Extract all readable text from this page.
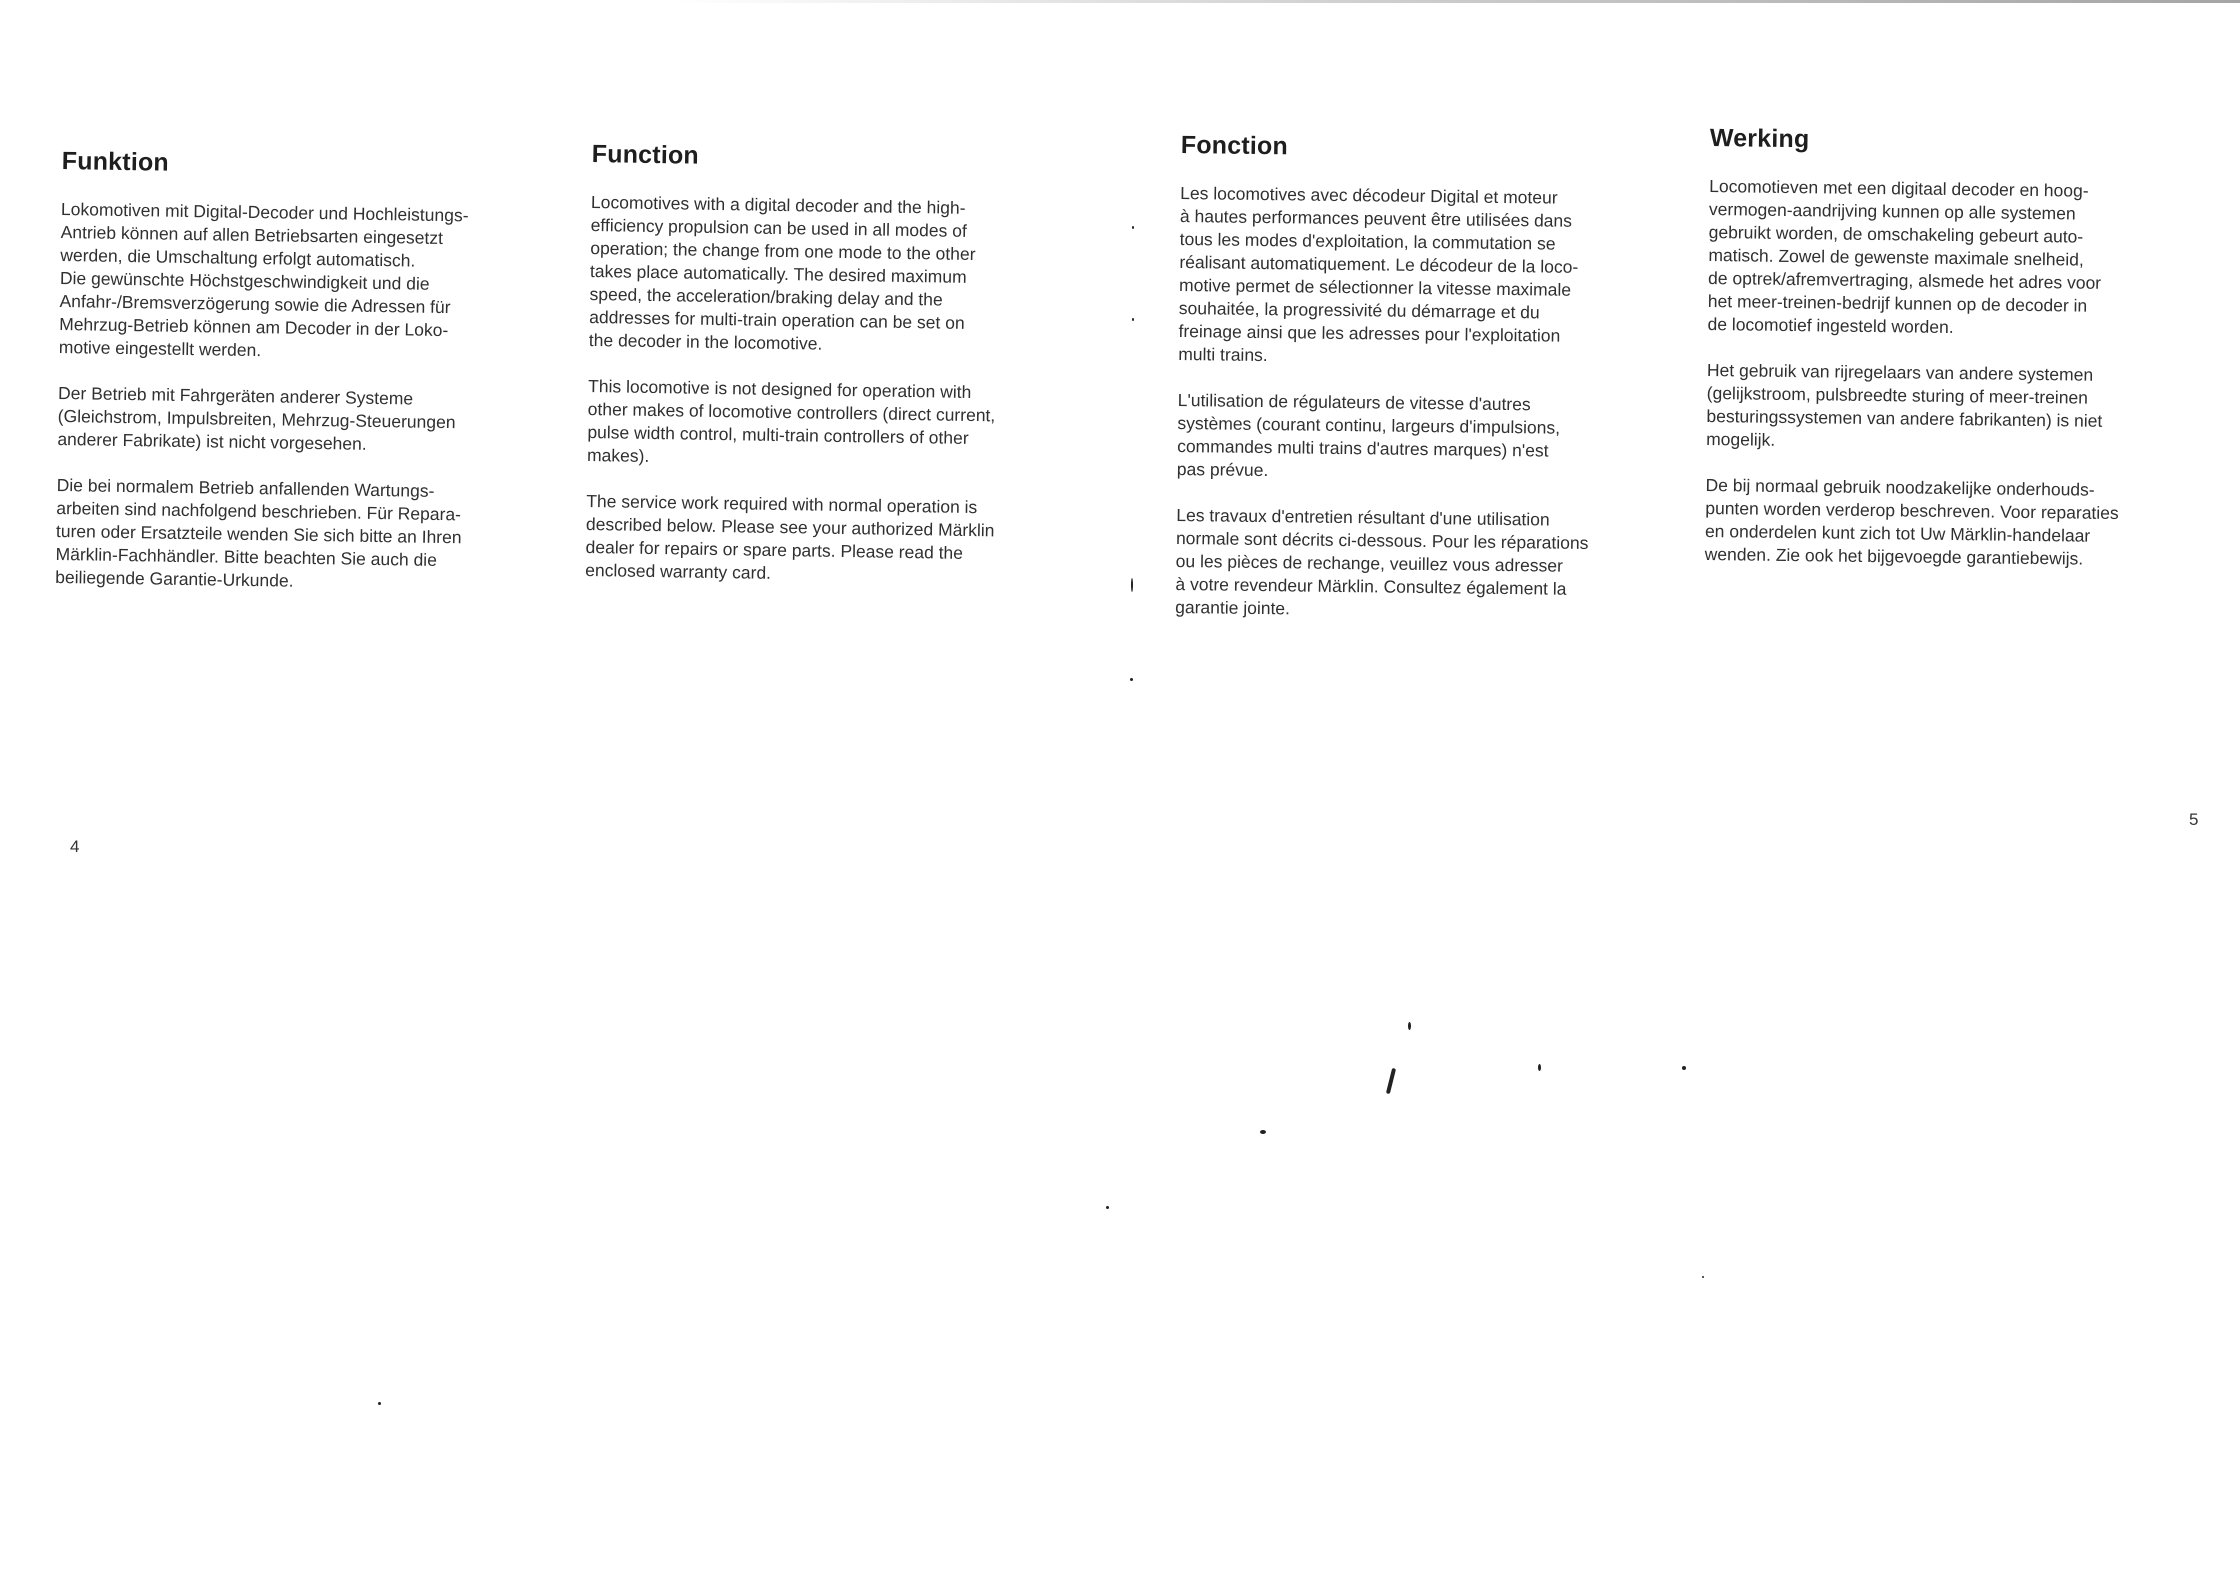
Funktion

Lokomotiven mit Digital-Decoder und Hochleistungs-
Antrieb können auf allen Betriebsarten eingesetzt
werden, die Umschaltung erfolgt automatisch.
Die gewünschte Höchstgeschwindigkeit und die
Anfahr-/Bremsverzögerung sowie die Adressen für
Mehrzug-Betrieb können am Decoder in der Loko-
motive eingestellt werden.

Der Betrieb mit Fahrgeräten anderer Systeme
(Gleichstrom, Impulsbreiten, Mehrzug-Steuerungen
anderer Fabrikate) ist nicht vorgesehen.

Die bei normalem Betrieb anfallenden Wartungs-
arbeiten sind nachfolgend beschrieben. Für Repara-
turen oder Ersatzteile wenden Sie sich bitte an Ihren
Märklin-Fachhändler. Bitte beachten Sie auch die
beiliegende Garantie-Urkunde.

Function

Locomotives with a digital decoder and the high-
efficiency propulsion can be used in all modes of
operation; the change from one mode to the other
takes place automatically. The desired maximum
speed, the acceleration/braking delay and the
addresses for multi-train operation can be set on
the decoder in the locomotive.

This locomotive is not designed for operation with
other makes of locomotive controllers (direct current,
pulse width control, multi-train controllers of other
makes).

The service work required with normal operation is
described below. Please see your authorized Märklin
dealer for repairs or spare parts. Please read the
enclosed warranty card.

Fonction

Les locomotives avec décodeur Digital et moteur
à hautes performances peuvent être utilisées dans
tous les modes d'exploitation, la commutation se
réalisant automatiquement. Le décodeur de la loco-
motive permet de sélectionner la vitesse maximale
souhaitée, la progressivité du démarrage et du
freinage ainsi que les adresses pour l'exploitation
multi trains.

L'utilisation de régulateurs de vitesse d'autres
systèmes (courant continu, largeurs d'impulsions,
commandes multi trains d'autres marques) n'est
pas prévue.

Les travaux d'entretien résultant d'une utilisation
normale sont décrits ci-dessous. Pour les réparations
ou les pièces de rechange, veuillez vous adresser
à votre revendeur Märklin. Consultez également la
garantie jointe.

Werking

Locomotieven met een digitaal decoder en hoog-
vermogen-aandrijving kunnen op alle systemen
gebruikt worden, de omschakeling gebeurt auto-
matisch. Zowel de gewenste maximale snelheid,
de optrek/afremvertraging, alsmede het adres voor
het meer-treinen-bedrijf kunnen op de decoder in
de locomotief ingesteld worden.

Het gebruik van rijregelaars van andere systemen
(gelijkstroom, pulsbreedte sturing of meer-treinen
besturingssystemen van andere fabrikanten) is niet
mogelijk.

De bij normaal gebruik noodzakelijke onderhouds-
punten worden verderop beschreven. Voor reparaties
en onderdelen kunt zich tot Uw Märklin-handelaar
wenden. Zie ook het bijgevoegde garantiebewijs.

4
5
